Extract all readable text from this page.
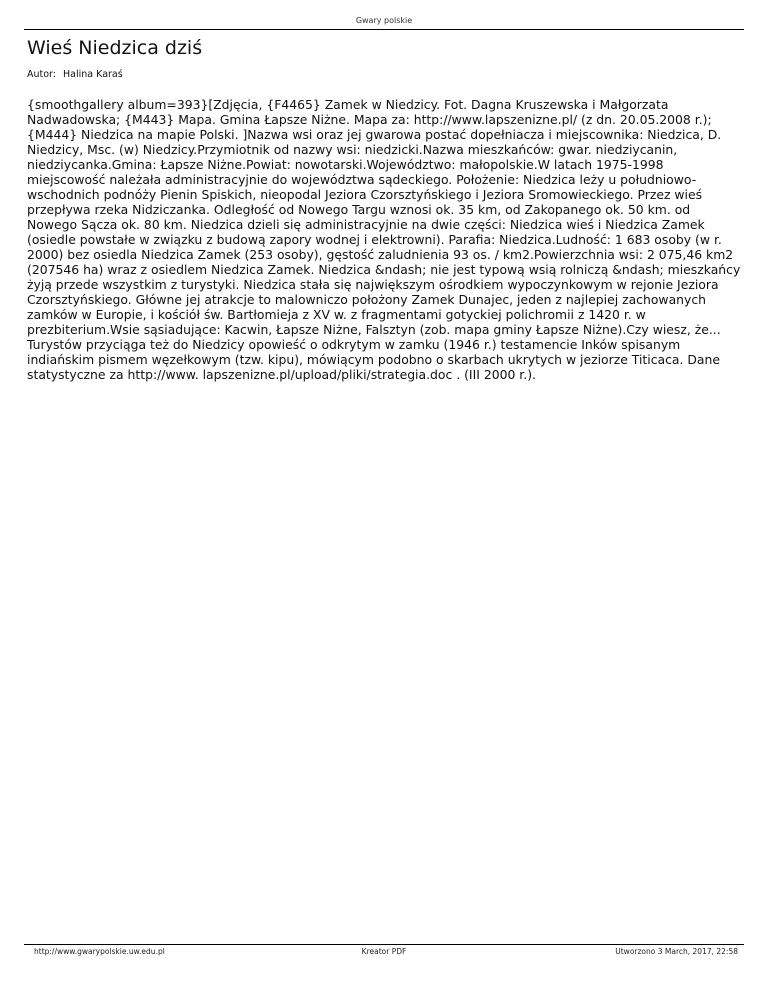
Gwary polskie
Wieś Niedzica dziś
Autor: Halina Karaś

{smoothgallery album=393}[Zdjęcia, {F4465} Zamek w Niedzicy. Fot. Dagna Kruszewska i Małgorzata Nadwadowska; {M443} Mapa. Gmina Łapsze Niżne. Mapa za: http://www.lapszenizne.pl/ (z dn. 20.05.2008 r.); {M444} Niedzica na mapie Polski. ]Nazwa wsi oraz jej gwarowa postać dopełniacza i miejscownika: Niedzica, D. Niedzicy, Msc. (w) Niedzicy.Przymiotnik od nazwy wsi: niedzicki.Nazwa mieszkańców: gwar. niedziycanin, niedziycanka.Gmina: Łapsze Niżne.Powiat: nowotarski.Województwo: małopolskie.W latach 1975-1998 miejscowość należała administracyjnie do województwa sądeckiego. Położenie: Niedzica leży u południowo-wschodnich podnóży Pienin Spiskich, nieopodal Jeziora Czorsztyńskiego i Jeziora Sromowieckiego. Przez wieś przepływa rzeka Nidziczanka. Odległość od Nowego Targu wznosi ok. 35 km, od Zakopanego ok. 50 km. od Nowego Sącza ok. 80 km. Niedzica dzieli się administracyjnie na dwie części: Niedzica wieś i Niedzica Zamek (osiedle powstałe w związku z budową zapory wodnej i elektrowni). Parafia: Niedzica.Ludność: 1 683 osoby (w r. 2000) bez osiedla Niedzica Zamek (253 osoby), gęstość zaludnienia 93 os. / km2.Powierzchnia wsi: 2 075,46 km2 (207546 ha) wraz z osiedlem Niedzica Zamek. Niedzica &ndash; nie jest typową wsią rolniczą &ndash; mieszkańcy żyją przede wszystkim z turystyki. Niedzica stała się największym ośrodkiem wypoczynkowym w rejonie Jeziora Czorsztyńskiego. Główne jej atrakcje to malowniczo położony Zamek Dunajec, jeden z najlepiej zachowanych zamków w Europie, i kościół św. Bartłomieja z XV w. z fragmentami gotyckiej polichromii z 1420 r. w prezbiterium.Wsie sąsiadujące: Kacwin, Łapsze Niżne, Falsztyn (zob. mapa gminy Łapsze Niżne).Czy wiesz, że... Turystów przyciąga też do Niedzicy opowieść o odkrytym w zamku (1946 r.) testamencie Inków spisanym indiańskim pismem węzełkowym (tzw. kipu), mówiącym podobno o skarbach ukrytych w jeziorze Titicaca. Dane statystyczne za http://www. lapszenizne.pl/upload/pliki/strategia.doc . (III 2000 r.).

http://www.gwarypolskie.uw.edu.pl	Kreator PDF	Utworzono 3 March, 2017, 22:58
